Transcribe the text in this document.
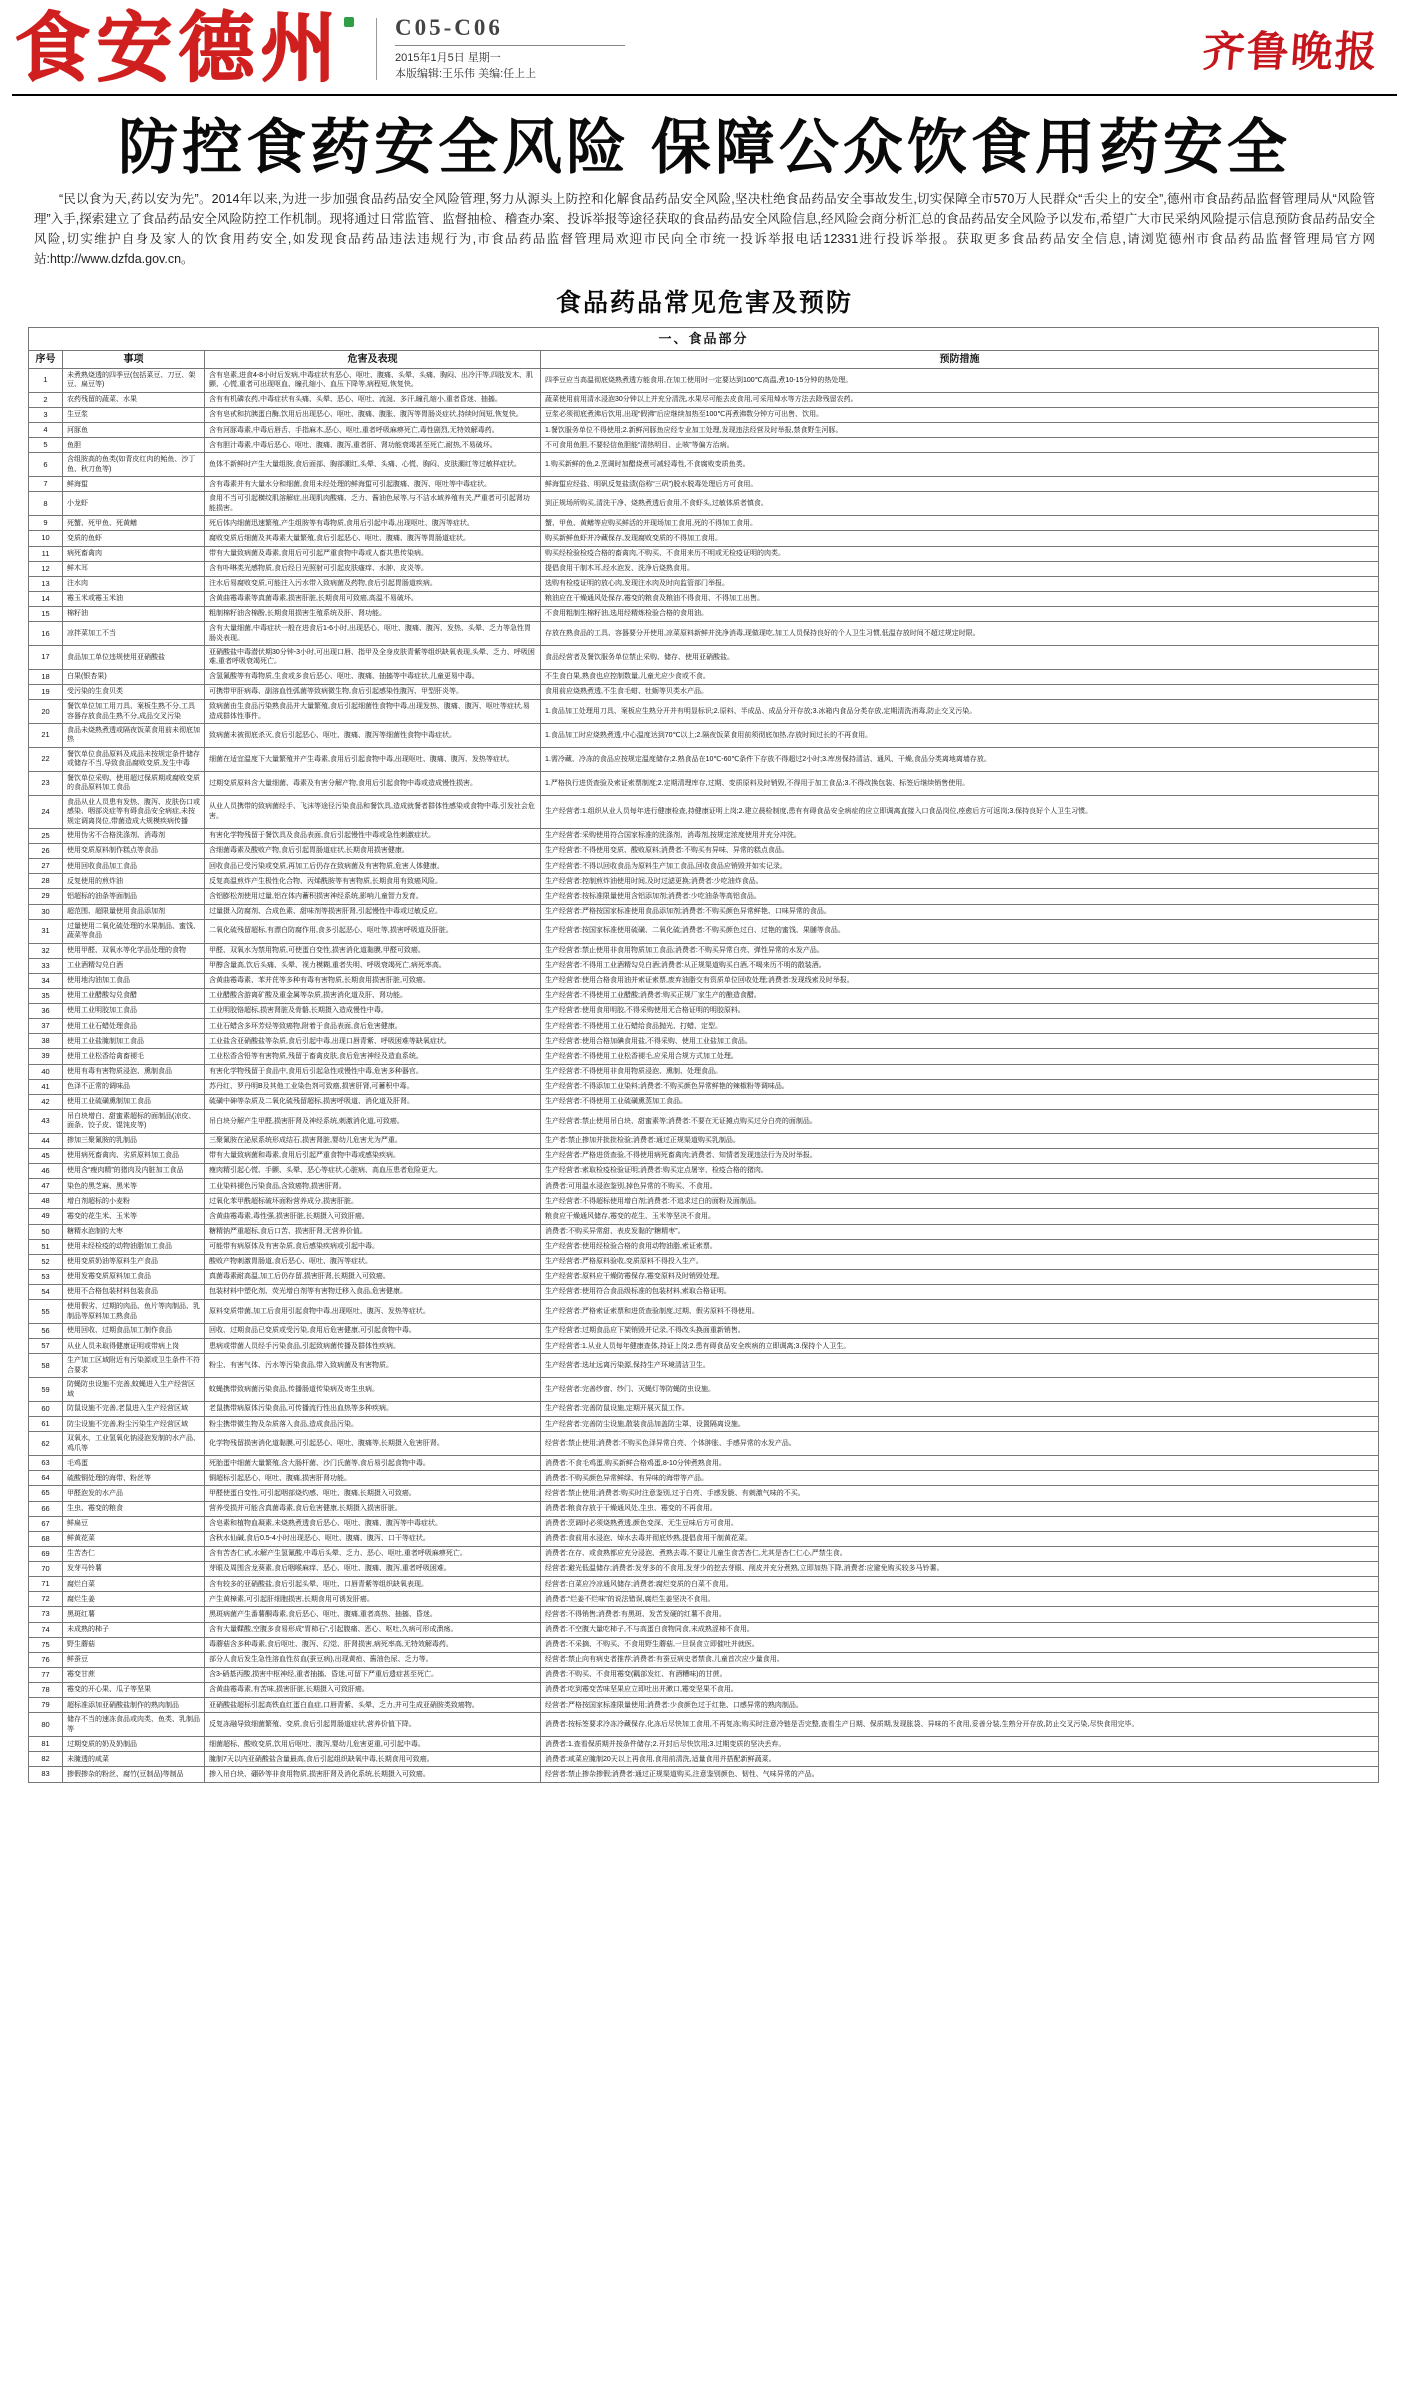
食安德州	C05-C06
2015年1月5日 星期一
本版编辑:王乐伟 美编:任上上	齐鲁晚报
防控食药安全风险 保障公众饮食用药安全

“民以食为天,药以安为先”。2014年以来,为进一步加强食品药品安全风险管理,努力从源头上防控和化解食品药品安全风险,坚决杜绝食品药品安全事故发生,切实保障全市570万人民群众“舌尖上的安全”,德州市食品药品监督管理局从“风险管理”入手,探索建立了食品药品安全风险防控工作机制。现将通过日常监管、监督抽检、稽查办案、投诉举报等途径获取的食品药品安全风险信息,经风险会商分析汇总的食品药品安全风险予以发布,希望广大市民采纳风险提示信息预防食品药品安全风险,切实维护自身及家人的饮食用药安全,如发现食品药品违法违规行为,市食品药品监督管理局欢迎市民向全市统一投诉举报电话12331进行投诉举报。获取更多食品药品安全信息,请浏览德州市食品药品监督管理局官方网站:http://www.dzfda.gov.cn。

食品药品常见危害及预防
一、食品部分			
序号	事项	危害及表现	预防措施
1	未煮熟烧透的四季豆(包括菜豆、刀豆、架豆、扁豆等)	含有皂素,进食4-8小时后发病,中毒症状有恶心、呕吐、腹痛、头晕、头痛、胸闷、出冷汗等,四肢发木、肌颤、心慌,重者可出现呕血、瞳孔缩小、血压下降等,病程短,恢复快。	四季豆应当高温彻底烧熟煮透方能食用,在加工使用时一定要达到100℃高温,煮10-15分钟的热处理。
2	农药残留的蔬菜、水果	含有有机磷农药,中毒症状有头痛、头晕、恶心、呕吐、流涎、多汗,瞳孔缩小,重者昏迷、抽搐。	蔬菜使用前用清水浸泡30分钟以上并充分清洗,水果尽可能去皮食用,可采用焯水等方法去除残留农药。
3	生豆浆	含有皂甙和抗胰蛋白酶,饮用后出现恶心、呕吐、腹痛、腹胀、腹泻等胃肠炎症状,持续时间短,恢复快。	豆浆必须彻底煮沸后饮用,出现“假沸”后应继续加热至100℃再煮沸数分钟方可出售、饮用。
4	河豚鱼	含有河豚毒素,中毒后唇舌、手指麻木,恶心、呕吐,重者呼吸麻痹死亡,毒性剧烈,无特效解毒药。	1.餐饮服务单位不得使用;2.新鲜河豚鱼应经专业加工处理,发现违法经营及时举报,禁食野生河豚。
5	鱼胆	含有胆汁毒素,中毒后恶心、呕吐、腹痛、腹泻,重者肝、肾功能衰竭甚至死亡,耐热,不易破坏。	不可食用鱼胆,不要轻信鱼胆能“清热明目、止咳”等偏方治病。
6	含组胺高的鱼类(如青皮红肉的鲐鱼、沙丁鱼、秋刀鱼等)	鱼体不新鲜时产生大量组胺,食后面部、胸部潮红,头晕、头痛、心慌、胸闷、皮肤潮红等过敏样症状。	1.购买新鲜的鱼,2.烹调时加醋烧煮可减轻毒性,不食腐败变质鱼类。
7	鲜海蜇	含有毒素并有大量水分和细菌,食用未经处理的鲜海蜇可引起腹痛、腹泻、呕吐等中毒症状。	鲜海蜇应经盐、明矾反复盐渍(俗称“三矾”)脱水脱毒处理后方可食用。
8	小龙虾	食用不当可引起横纹肌溶解症,出现肌肉酸痛、乏力、酱油色尿等,与不洁水域养殖有关,严重者可引起肾功能损害。	到正规场所购买,清洗干净、烧熟煮透后食用,不食虾头,过敏体质者慎食。
9	死蟹、死甲鱼、死黄鳝	死后体内细菌迅速繁殖,产生组胺等有毒物质,食用后引起中毒,出现呕吐、腹泻等症状。	蟹、甲鱼、黄鳝等应购买鲜活的并现场加工食用,死的不得加工食用。
10	变质的鱼虾	腐败变质后细菌及其毒素大量繁殖,食后引起恶心、呕吐、腹痛、腹泻等胃肠道症状。	购买新鲜鱼虾并冷藏保存,发现腐败变质的不得加工食用。
11	病死畜禽肉	带有大量致病菌及毒素,食用后可引起严重食物中毒或人畜共患传染病。	购买经检验检疫合格的畜禽肉,不购买、不食用来历不明或无检疫证明的肉类。
12	鲜木耳	含有卟啉类光感物质,食后经日光照射可引起皮肤瘙痒、水肿、皮炎等。	提倡食用干制木耳,经水泡发、洗净后烧熟食用。
13	注水肉	注水后易腐败变质,可能注入污水带入致病菌及药物,食后引起胃肠道疾病。	选购有检疫证明的放心肉,发现注水肉及时向监管部门举报。
14	霉玉米或霉玉米油	含黄曲霉毒素等真菌毒素,损害肝脏,长期食用可致癌,高温不易破坏。	粮油应在干燥通风处保存,霉变的粮食及粮油不得食用、不得加工出售。
15	棉籽油	粗制棉籽油含棉酚,长期食用损害生殖系统及肝、肾功能。	不食用粗制生棉籽油,选用经精炼检验合格的食用油。
16	凉拌菜加工不当	含有大量细菌,中毒症状一般在进食后1-6小时,出现恶心、呕吐、腹痛、腹泻、发热、头晕、乏力等急性胃肠炎表现。	存放在熟食品的工具、容器要分开使用,凉菜原料新鲜并洗净消毒,现做现吃,加工人员保持良好的个人卫生习惯,低温存放时间不超过规定时限。
17	食品加工单位违规使用亚硝酸盐	亚硝酸盐中毒潜伏期30分钟-3小时,可出现口唇、指甲及全身皮肤青紫等组织缺氧表现,头晕、乏力、呼吸困难,重者呼吸衰竭死亡。	食品经营者及餐饮服务单位禁止采购、储存、使用亚硝酸盐。
18	白果(银杏果)	含氢氰酸等有毒物质,生食或多食后恶心、呕吐、腹痛、抽搐等中毒症状,儿童更易中毒。	不生食白果,熟食也应控制数量,儿童尤应少食或不食。
19	受污染的生食贝类	可携带甲肝病毒、副溶血性弧菌等致病微生物,食后引起感染性腹泻、甲型肝炎等。	食用前应烧熟煮透,不生食毛蚶、牡蛎等贝类水产品。
20	餐饮单位加工用刀具、案板生熟不分,工具容器存放食品生熟不分,成品交叉污染	致病菌由生食品污染熟食品并大量繁殖,食后引起细菌性食物中毒,出现发热、腹痛、腹泻、呕吐等症状,易造成群体性事件。	1.食品加工处理用刀具、案板应生熟分开并有明显标识;2.原料、半成品、成品分开存放;3.冰箱内食品分类存放,定期清洗消毒,防止交叉污染。
21	食品未烧熟煮透或隔夜饭菜食用前未彻底加热	致病菌未被彻底杀灭,食后引起恶心、呕吐、腹痛、腹泻等细菌性食物中毒症状。	1.食品加工时应烧熟煮透,中心温度达到70℃以上;2.隔夜饭菜食用前须彻底加热,存放时间过长的不再食用。
22	餐饮单位食品原料及成品未按规定条件储存或储存不当,导致食品腐败变质,发生中毒	细菌在适宜温度下大量繁殖并产生毒素,食用后引起食物中毒,出现呕吐、腹痛、腹泻、发热等症状。	1.需冷藏、冷冻的食品应按规定温度储存;2.熟食品在10℃-60℃条件下存放不得超过2小时;3.库房保持清洁、通风、干燥,食品分类离地离墙存放。
23	餐饮单位采购、使用超过保质期或腐败变质的食品原料加工食品	过期变质原料含大量细菌、毒素及有害分解产物,食用后引起食物中毒或造成慢性损害。	1.严格执行进货查验及索证索票制度;2.定期清理库存,过期、变质原料及时销毁,不得用于加工食品;3.不得改换包装、标签后继续销售使用。
24	食品从业人员患有发热、腹泻、皮肤伤口或感染、咽部炎症等有碍食品安全病症,未按规定调离岗位,带菌造成大规模疾病传播	从业人员携带的致病菌经手、飞沫等途径污染食品和餐饮具,造成就餐者群体性感染或食物中毒,引发社会危害。	生产经营者:1.组织从业人员每年进行健康检查,持健康证明上岗;2.建立晨检制度,患有有碍食品安全病症的应立即调离直接入口食品岗位,痊愈后方可返岗;3.保持良好个人卫生习惯。
25	使用伪劣不合格洗涤剂、消毒剂	有害化学物残留于餐饮具及食品表面,食后引起慢性中毒或急性刺激症状。	生产经营者:采购使用符合国家标准的洗涤剂、消毒剂,按规定浓度使用并充分冲洗。
26	使用变质原料制作糕点等食品	含细菌毒素及酸败产物,食后引起胃肠道症状,长期食用损害健康。	生产经营者:不得使用变质、酸败原料;消费者:不购买有异味、异常的糕点食品。
27	使用回收食品加工食品	回收食品已受污染或变质,再加工后仍存在致病菌及有害物质,危害人体健康。	生产经营者:不得以回收食品为原料生产加工食品,回收食品应销毁并如实记录。
28	反复使用的煎炸油	反复高温煎炸产生极性化合物、丙烯酰胺等有害物质,长期食用有致癌风险。	生产经营者:控制煎炸油使用时间,及时过滤更换;消费者:少吃油炸食品。
29	铝超标的油条等面制品	含铝膨松剂使用过量,铝在体内蓄积损害神经系统,影响儿童智力发育。	生产经营者:按标准限量使用含铝添加剂;消费者:少吃油条等高铝食品。
30	超范围、超限量使用食品添加剂	过量摄入防腐剂、合成色素、甜味剂等损害肝肾,引起慢性中毒或过敏反应。	生产经营者:严格按国家标准使用食品添加剂;消费者:不购买颜色异常鲜艳、口味异常的食品。
31	过量使用二氧化硫处理的水果制品、蜜饯、蔬菜等食品	二氧化硫残留超标,有漂白防腐作用,食多引起恶心、呕吐等,损害呼吸道及肝脏。	生产经营者:按国家标准使用硫磺、二氧化硫;消费者:不购买颜色过白、过艳的蜜饯、果脯等食品。
32	使用甲醛、双氧水等化学品处理的食物	甲醛、双氧水为禁用物质,可使蛋白变性,损害消化道黏膜,甲醛可致癌。	生产经营者:禁止使用非食用物质加工食品;消费者:不购买异常白亮、弹性异常的水发产品。
33	工业酒精勾兑白酒	甲醇含量高,饮后头痛、头晕、视力模糊,重者失明、呼吸衰竭死亡,病死率高。	生产经营者:不得用工业酒精勾兑白酒;消费者:从正规渠道购买白酒,不喝来历不明的散装酒。
34	使用地沟油加工食品	含黄曲霉毒素、苯并芘等多种有毒有害物质,长期食用损害肝脏,可致癌。	生产经营者:使用合格食用油并索证索票,废弃油脂交有资质单位回收处理;消费者:发现线索及时举报。
35	使用工业醋酸勾兑食醋	工业醋酸含游离矿酸及重金属等杂质,损害消化道及肝、肾功能。	生产经营者:不得使用工业醋酸;消费者:购买正规厂家生产的酿造食醋。
36	使用工业明胶加工食品	工业明胶铬超标,损害肾脏及骨骼,长期摄入造成慢性中毒。	生产经营者:使用食用明胶,不得采购使用无合格证明的明胶原料。
37	使用工业石蜡处理食品	工业石蜡含多环芳烃等致癌物,附着于食品表面,食后危害健康。	生产经营者:不得使用工业石蜡给食品抛光、打蜡、定型。
38	使用工业盐腌制加工食品	工业盐含亚硝酸盐等杂质,食后引起中毒,出现口唇青紫、呼吸困难等缺氧症状。	生产经营者:使用合格加碘食用盐,不得采购、使用工业盐加工食品。
39	使用工业松香给禽畜褪毛	工业松香含铅等有害物质,残留于畜禽皮肤,食后危害神经及造血系统。	生产经营者:不得使用工业松香褪毛,应采用合规方式加工处理。
40	使用有毒有害物质浸泡、熏制食品	有害化学物残留于食品中,食用后引起急性或慢性中毒,危害多种器官。	生产经营者:不得使用非食用物质浸泡、熏制、处理食品。
41	色泽不正常的调味品	苏丹红、罗丹明B及其他工业染色剂可致癌,损害肝肾,可蓄积中毒。	生产经营者:不得添加工业染料;消费者:不购买颜色异常鲜艳的辣椒粉等调味品。
42	使用工业硫磺熏制加工食品	硫磺中砷等杂质及二氧化硫残留超标,损害呼吸道、消化道及肝肾。	生产经营者:不得使用工业硫磺熏蒸加工食品。
43	吊白块增白、甜蜜素超标的面制品(凉皮、面条、饺子皮、馄饨皮等)	吊白块分解产生甲醛,损害肝肾及神经系统,刺激消化道,可致癌。	生产经营者:禁止使用吊白块、甜蜜素等;消费者:不要在无证摊点购买过分白亮的面制品。
44	掺加三聚氰胺的乳制品	三聚氰胺在泌尿系统形成结石,损害肾脏,婴幼儿危害尤为严重。	生产者:禁止掺加并批批检验;消费者:通过正规渠道购买乳制品。
45	使用病死畜禽肉、劣质原料加工食品	带有大量致病菌和毒素,食用后引起严重食物中毒或感染疾病。	生产经营者:严格进货查验,不得使用病死畜禽肉;消费者、知情者发现违法行为及时举报。
46	使用含“瘦肉精”的猪肉及内脏加工食品	瘦肉精引起心慌、手颤、头晕、恶心等症状,心脏病、高血压患者危险更大。	生产经营者:索取检疫检验证明;消费者:购买定点屠宰、检疫合格的猪肉。
47	染色的黑芝麻、黑米等	工业染料褪色污染食品,含致癌物,损害肝肾。	消费者:可用温水浸泡鉴别,掉色异常的不购买、不食用。
48	增白剂超标的小麦粉	过氧化苯甲酰超标破坏面粉营养成分,损害肝脏。	生产经营者:不得超标使用增白剂;消费者:不追求过白的面粉及面制品。
49	霉变的花生米、玉米等	含黄曲霉毒素,毒性强,损害肝脏,长期摄入可致肝癌。	粮食应干燥通风储存,霉变的花生、玉米等坚决不食用。
50	糖精水泡制的大枣	糖精钠严重超标,食后口苦、损害肝肾,无营养价值。	消费者:不购买异常甜、表皮发黏的“糖精枣”。
51	使用未经检疫的动物油脂加工食品	可能带有病原体及有害杂质,食后感染疾病或引起中毒。	生产经营者:使用经检验合格的食用动物油脂,索证索票。
52	使用变质奶油等原料生产食品	酸败产物刺激胃肠道,食后恶心、呕吐、腹泻等症状。	生产经营者:严格原料验收,变质原料不得投入生产。
53	使用发霉变质原料加工食品	真菌毒素耐高温,加工后仍存留,损害肝肾,长期摄入可致癌。	生产经营者:原料应干燥防霉保存,霉变原料及时销毁处理。
54	使用不合格包装材料包装食品	包装材料中塑化剂、荧光增白剂等有害物迁移入食品,危害健康。	生产经营者:使用符合食品级标准的包装材料,索取合格证明。
55	使用假劣、过期的肉品、鱼片等肉制品、乳制品等原料加工熟食品	原料变质带菌,加工后食用引起食物中毒,出现呕吐、腹泻、发热等症状。	生产经营者:严格索证索票和进货查验制度,过期、假劣原料不得使用。
56	使用回收、过期食品加工制作食品	回收、过期食品已变质或受污染,食用后危害健康,可引起食物中毒。	生产经营者:过期食品应下架销毁并记录,不得改头换面重新销售。
57	从业人员未取得健康证明或带病上岗	患病或带菌人员经手污染食品,引起致病菌传播及群体性疾病。	生产经营者:1.从业人员每年健康查体,持证上岗;2.患有碍食品安全疾病的立即调离;3.保持个人卫生。
58	生产加工区域附近有污染源或卫生条件不符合要求	粉尘、有害气体、污水等污染食品,带入致病菌及有害物质。	生产经营者:选址远离污染源,保持生产环境清洁卫生。
59	防蝇防虫设施不完善,蚊蝇进入生产经营区域	蚊蝇携带致病菌污染食品,传播肠道传染病及寄生虫病。	生产经营者:完善纱窗、纱门、灭蝇灯等防蝇防虫设施。
60	防鼠设施不完善,老鼠进入生产经营区域	老鼠携带病原体污染食品,可传播流行性出血热等多种疾病。	生产经营者:完善防鼠设施,定期开展灭鼠工作。
61	防尘设施不完善,粉尘污染生产经营区域	粉尘携带微生物及杂质落入食品,造成食品污染。	生产经营者:完善防尘设施,散装食品加盖防尘罩、设置隔离设施。
62	双氧水、工业氢氧化钠浸泡发制的水产品、鸡爪等	化学物残留损害消化道黏膜,可引起恶心、呕吐、腹痛等,长期摄入危害肝肾。	经营者:禁止使用;消费者:不购买色泽异常白亮、个体肿胀、手感异常的水发产品。
63	毛鸡蛋	死胎蛋中细菌大量繁殖,含大肠杆菌、沙门氏菌等,食后易引起食物中毒。	消费者:不食毛鸡蛋,购买新鲜合格鸡蛋,8-10分钟煮熟食用。
64	硫酸铜处理的海带、粉丝等	铜超标引起恶心、呕吐、腹痛,损害肝肾功能。	消费者:不购买颜色异常鲜绿、有异味的海带等产品。
65	甲醛泡发的水产品	甲醛使蛋白变性,可引起咽部烧灼感、呕吐、腹痛,长期摄入可致癌。	经营者:禁止使用;消费者:购买时注意鉴别,过于白亮、手感发脆、有刺激气味的不买。
66	生虫、霉变的粮食	营养受损并可能含真菌毒素,食后危害健康,长期摄入损害肝脏。	消费者:粮食存放于干燥通风处,生虫、霉变的不再食用。
67	鲜扁豆	含皂素和植物血凝素,未烧熟煮透食后恶心、呕吐、腹痛、腹泻等中毒症状。	消费者:烹调时必须烧熟煮透,颜色变深、无生豆味后方可食用。
68	鲜黄花菜	含秋水仙碱,食后0.5-4小时出现恶心、呕吐、腹痛、腹泻、口干等症状。	消费者:食前用水浸泡、焯水去毒并彻底炒熟,提倡食用干制黄花菜。
69	生苦杏仁	含有苦杏仁甙,水解产生氢氰酸,中毒后头晕、乏力、恶心、呕吐,重者呼吸麻痹死亡。	消费者:在存、或食熟都应充分浸泡、煮熟去毒,不要让儿童生食苦杏仁,尤其是杏仁仁心,严禁生食。
70	发芽马铃薯	芽眼及周围含龙葵素,食后咽喉麻痒、恶心、呕吐、腹痛、腹泻,重者呼吸困难。	经营者:避光低温储存;消费者:发芽多的不食用,发芽少的挖去芽眼、削皮并充分煮熟,立即加热下降,消费者:应避免购买较多马铃薯。
71	腐烂白菜	含有较多的亚硝酸盐,食后引起头晕、呕吐、口唇青紫等组织缺氧表现。	经营者:白菜应冷凉通风储存;消费者:腐烂变质的白菜不食用。
72	腐烂生姜	产生黄樟素,可引起肝细胞损害,长期食用可诱发肝癌。	消费者:“烂姜不烂味”的说法错误,腐烂生姜坚决不食用。
73	黑斑红薯	黑斑病菌产生番薯酮毒素,食后恶心、呕吐、腹痛,重者高热、抽搐、昏迷。	经营者:不得销售;消费者:有黑斑、发苦发硬的红薯不食用。
74	未成熟的柿子	含有大量鞣酸,空腹多食易形成“胃柿石”,引起腹痛、恶心、呕吐,久病可形成溃疡。	消费者:不空腹大量吃柿子,不与高蛋白食物同食,未成熟涩柿不食用。
75	野生蘑菇	毒蘑菇含多种毒素,食后呕吐、腹泻、幻觉、肝肾损害,病死率高,无特效解毒药。	消费者:不采摘、不购买、不食用野生蘑菇,一旦误食立即催吐并就医。
76	鲜蚕豆	部分人食后发生急性溶血性贫血(蚕豆病),出现黄疸、酱油色尿、乏力等。	经营者:禁止向有病史者推荐;消费者:有蚕豆病史者禁食,儿童首次应少量食用。
77	霉变甘蔗	含3-硝基丙酸,损害中枢神经,重者抽搐、昏迷,可留下严重后遗症甚至死亡。	消费者:不购买、不食用霉变(瓤部发红、有酒糟味)的甘蔗。
78	霉变的开心果、瓜子等坚果	含黄曲霉毒素,有苦味,损害肝脏,长期摄入可致肝癌。	消费者:吃到霉变苦味坚果应立即吐出并漱口,霉变坚果不食用。
79	超标准添加亚硝酸盐制作的熟肉制品	亚硝酸盐超标引起高铁血红蛋白血症,口唇青紫、头晕、乏力,并可生成亚硝胺类致癌物。	经营者:严格按国家标准限量使用;消费者:少食颜色过于红艳、口感异常的熟肉制品。
80	储存不当的速冻食品或肉类、鱼类、乳制品等	反复冻融导致细菌繁殖、变质,食后引起胃肠道症状,营养价值下降。	消费者:按标签要求冷冻冷藏保存,化冻后尽快加工食用,不再复冻;购买时注意冷链是否完整,查看生产日期、保质期,发现胀袋、异味的不食用,妥善分装,生熟分开存放,防止交叉污染,尽快食用完毕。
81	过期变质的奶及奶制品	细菌超标、酸败变质,饮用后呕吐、腹泻,婴幼儿危害更重,可引起中毒。	消费者:1.查看保质期并按条件储存;2.开封后尽快饮用;3.过期变质的坚决丢弃。
82	未腌透的咸菜	腌制7天以内亚硝酸盐含量最高,食后引起组织缺氧中毒,长期食用可致癌。	消费者:咸菜应腌制20天以上再食用,食用前清洗,适量食用并搭配新鲜蔬菜。
83	掺假掺杂的粉丝、腐竹(豆制品)等制品	掺入吊白块、硼砂等非食用物质,损害肝肾及消化系统,长期摄入可致癌。	经营者:禁止掺杂掺假;消费者:通过正规渠道购买,注意鉴别颜色、韧性、气味异常的产品。
